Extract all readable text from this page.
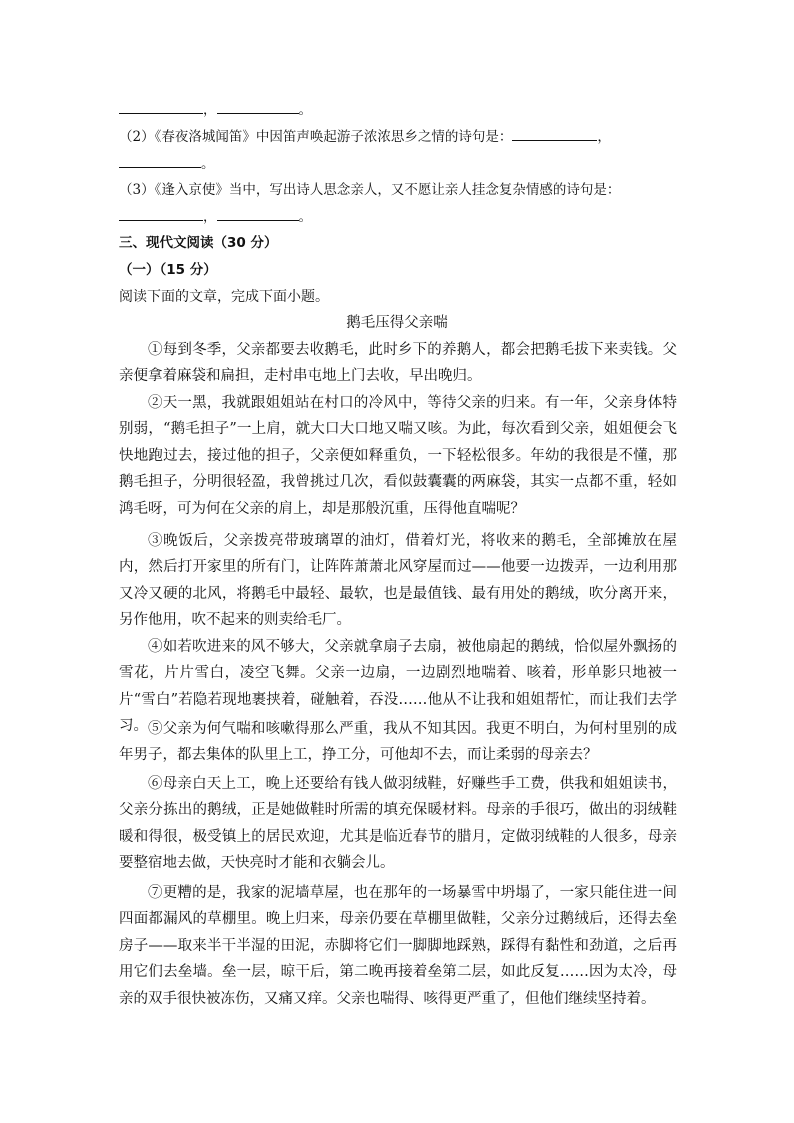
，	。
（2）《春夜洛城闻笛》中因笛声唤起游子浓浓思乡之情的诗句是：	，
。
（3）《逢入京使》当中，写出诗人思念亲人，又不愿让亲人挂念复杂情感的诗句是：
，	。
三、现代文阅读（30 分）
（一）（15 分）
阅读下面的文章，完成下面小题。
鹅毛压得父亲喘
①每到冬季，父亲都要去收鹅毛，此时乡下的养鹅人，都会把鹅毛拔下来卖钱。父亲便拿着麻袋和扁担，走村串屯地上门去收，早出晚归。
②天一黑，我就跟姐姐站在村口的冷风中，等待父亲的归来。有一年，父亲身体特别弱，“鹅毛担子”一上肩，就大口大口地又喘又咳。为此，每次看到父亲，姐姐便会飞快地跑过去，接过他的担子，父亲便如释重负，一下轻松很多。年幼的我很是不懂，那鹅毛担子，分明很轻盈，我曾挑过几次，看似鼓囊囊的两麻袋，其实一点都不重，轻如鸿毛呀，可为何在父亲的肩上，却是那般沉重，压得他直喘呢？
③晚饭后，父亲拨亮带玻璃罩的油灯，借着灯光，将收来的鹅毛，全部摊放在屋内，然后打开家里的所有门，让阵阵萧萧北风穿屋而过——他要一边拨弄，一边利用那又冷又硬的北风，将鹅毛中最轻、最软，也是最值钱、最有用处的鹅绒，吹分离开来，另作他用，吹不起来的则卖给毛厂。
④如若吹进来的风不够大，父亲就拿扇子去扇，被他扇起的鹅绒，恰似屋外飘扬的雪花，片片雪白，凌空飞舞。父亲一边扇，一边剧烈地喘着、咳着，形单影只地被一片“雪白”若隐若现地裹挟着，碰触着，吞没……他从不让我和姐姐帮忙，而让我们去学习。 ⑤父亲为何气喘和咳嗽得那么严重，我从不知其因。我更不明白，为何村里别的成年男子，都去集体的队里上工，挣工分，可他却不去，而让柔弱的母亲去？
⑥母亲白天上工，晚上还要给有钱人做羽绒鞋，好赚些手工费，供我和姐姐读书，父亲分拣出的鹅绒，正是她做鞋时所需的填充保暖材料。母亲的手很巧，做出的羽绒鞋暖和得很，极受镇上的居民欢迎，尤其是临近春节的腊月，定做羽绒鞋的人很多，母亲要整宿地去做，天快亮时才能和衣躺会儿。
⑦更糟的是，我家的泥墙草屋，也在那年的一场暴雪中坍塌了，一家只能住进一间四面都漏风的草棚里。晚上归来，母亲仍要在草棚里做鞋，父亲分过鹅绒后，还得去垒房子——取来半干半湿的田泥，赤脚将它们一脚脚地踩熟，踩得有黏性和劲道，之后再用它们去垒墙。垒一层，晾干后，第二晚再接着垒第二层，如此反复……因为太冷，母亲的双手很快被冻伤，又痛又痒。父亲也喘得、咳得更严重了，但他们继续坚持着。
